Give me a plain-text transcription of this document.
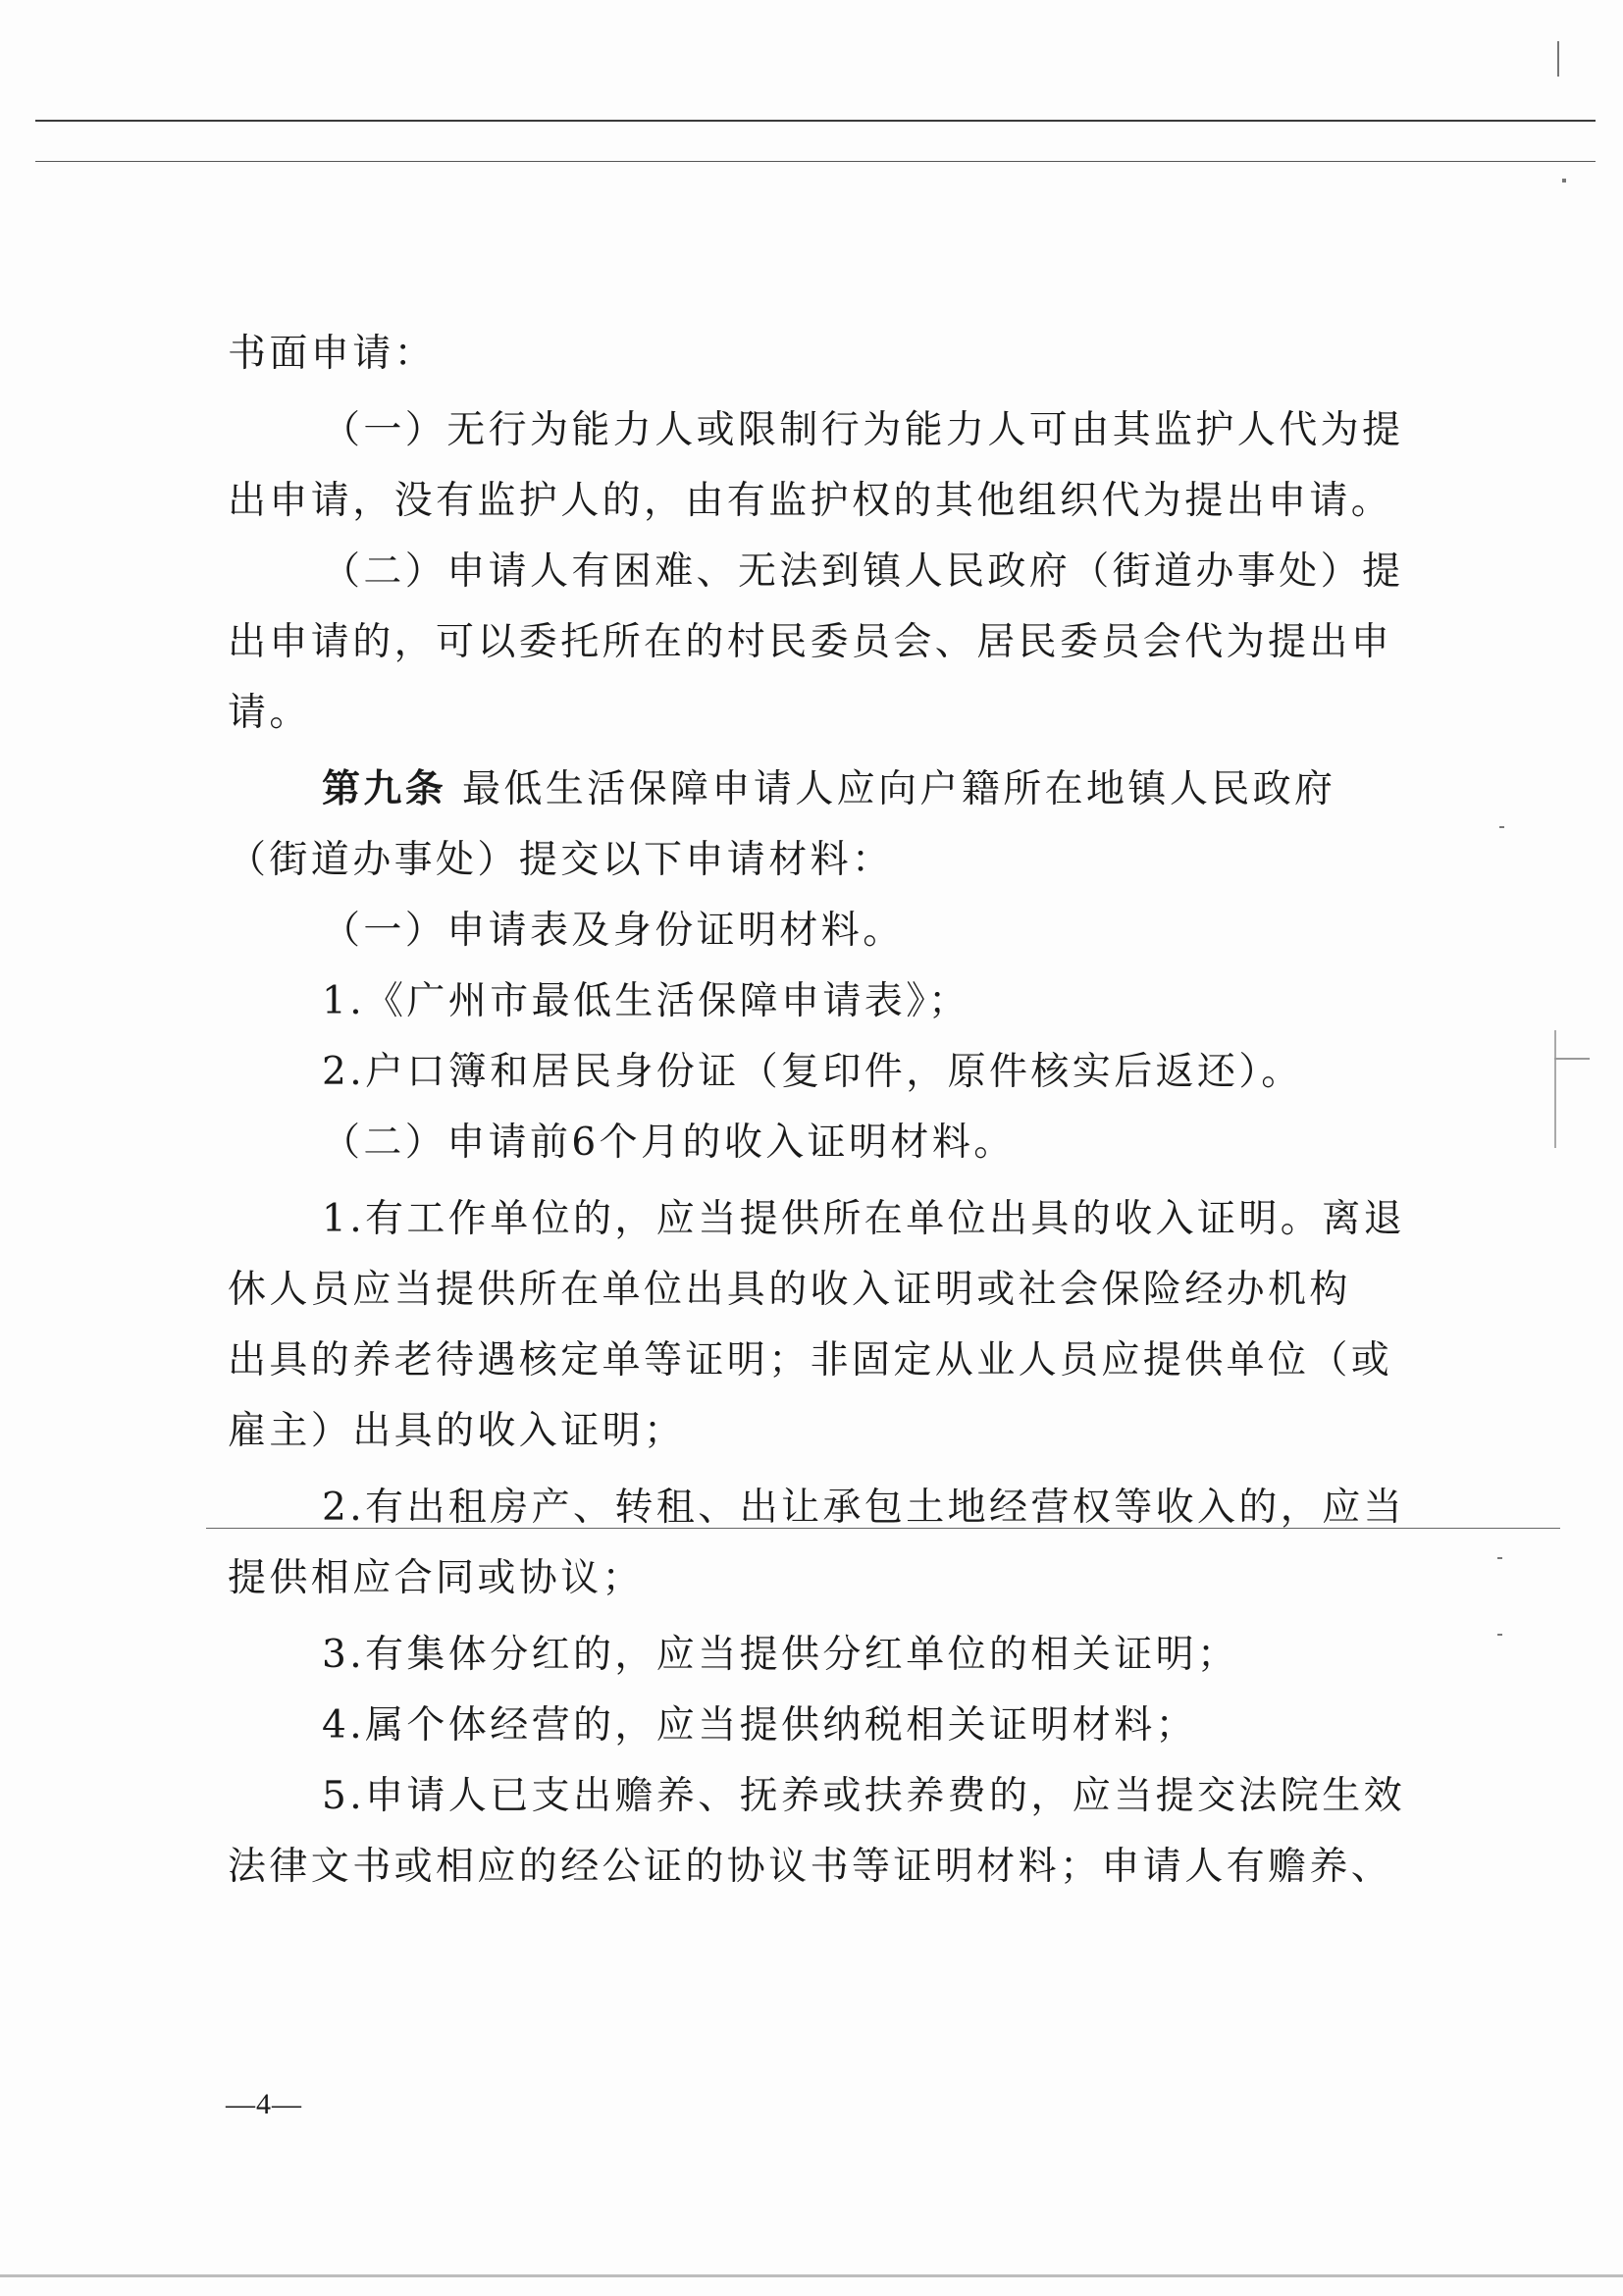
书面申请：
（一）无行为能力人或限制行为能力人可由其监护人代为提
出申请，没有监护人的，由有监护权的其他组织代为提出申请。
（二）申请人有困难、无法到镇人民政府（街道办事处）提
出申请的，可以委托所在的村民委员会、居民委员会代为提出申
请。
第九条 最低生活保障申请人应向户籍所在地镇人民政府
（街道办事处）提交以下申请材料：
（一）申请表及身份证明材料。
1.《广州市最低生活保障申请表》；
2.户口簿和居民身份证（复印件，原件核实后返还）。
（二）申请前6个月的收入证明材料。
1.有工作单位的，应当提供所在单位出具的收入证明。离退
休人员应当提供所在单位出具的收入证明或社会保险经办机构
出具的养老待遇核定单等证明；非固定从业人员应提供单位（或
雇主）出具的收入证明；
2.有出租房产、转租、出让承包土地经营权等收入的，应当
提供相应合同或协议；
3.有集体分红的，应当提供分红单位的相关证明；
4.属个体经营的，应当提供纳税相关证明材料；
5.申请人已支出赡养、抚养或扶养费的，应当提交法院生效
法律文书或相应的经公证的协议书等证明材料；申请人有赡养、
—4—
